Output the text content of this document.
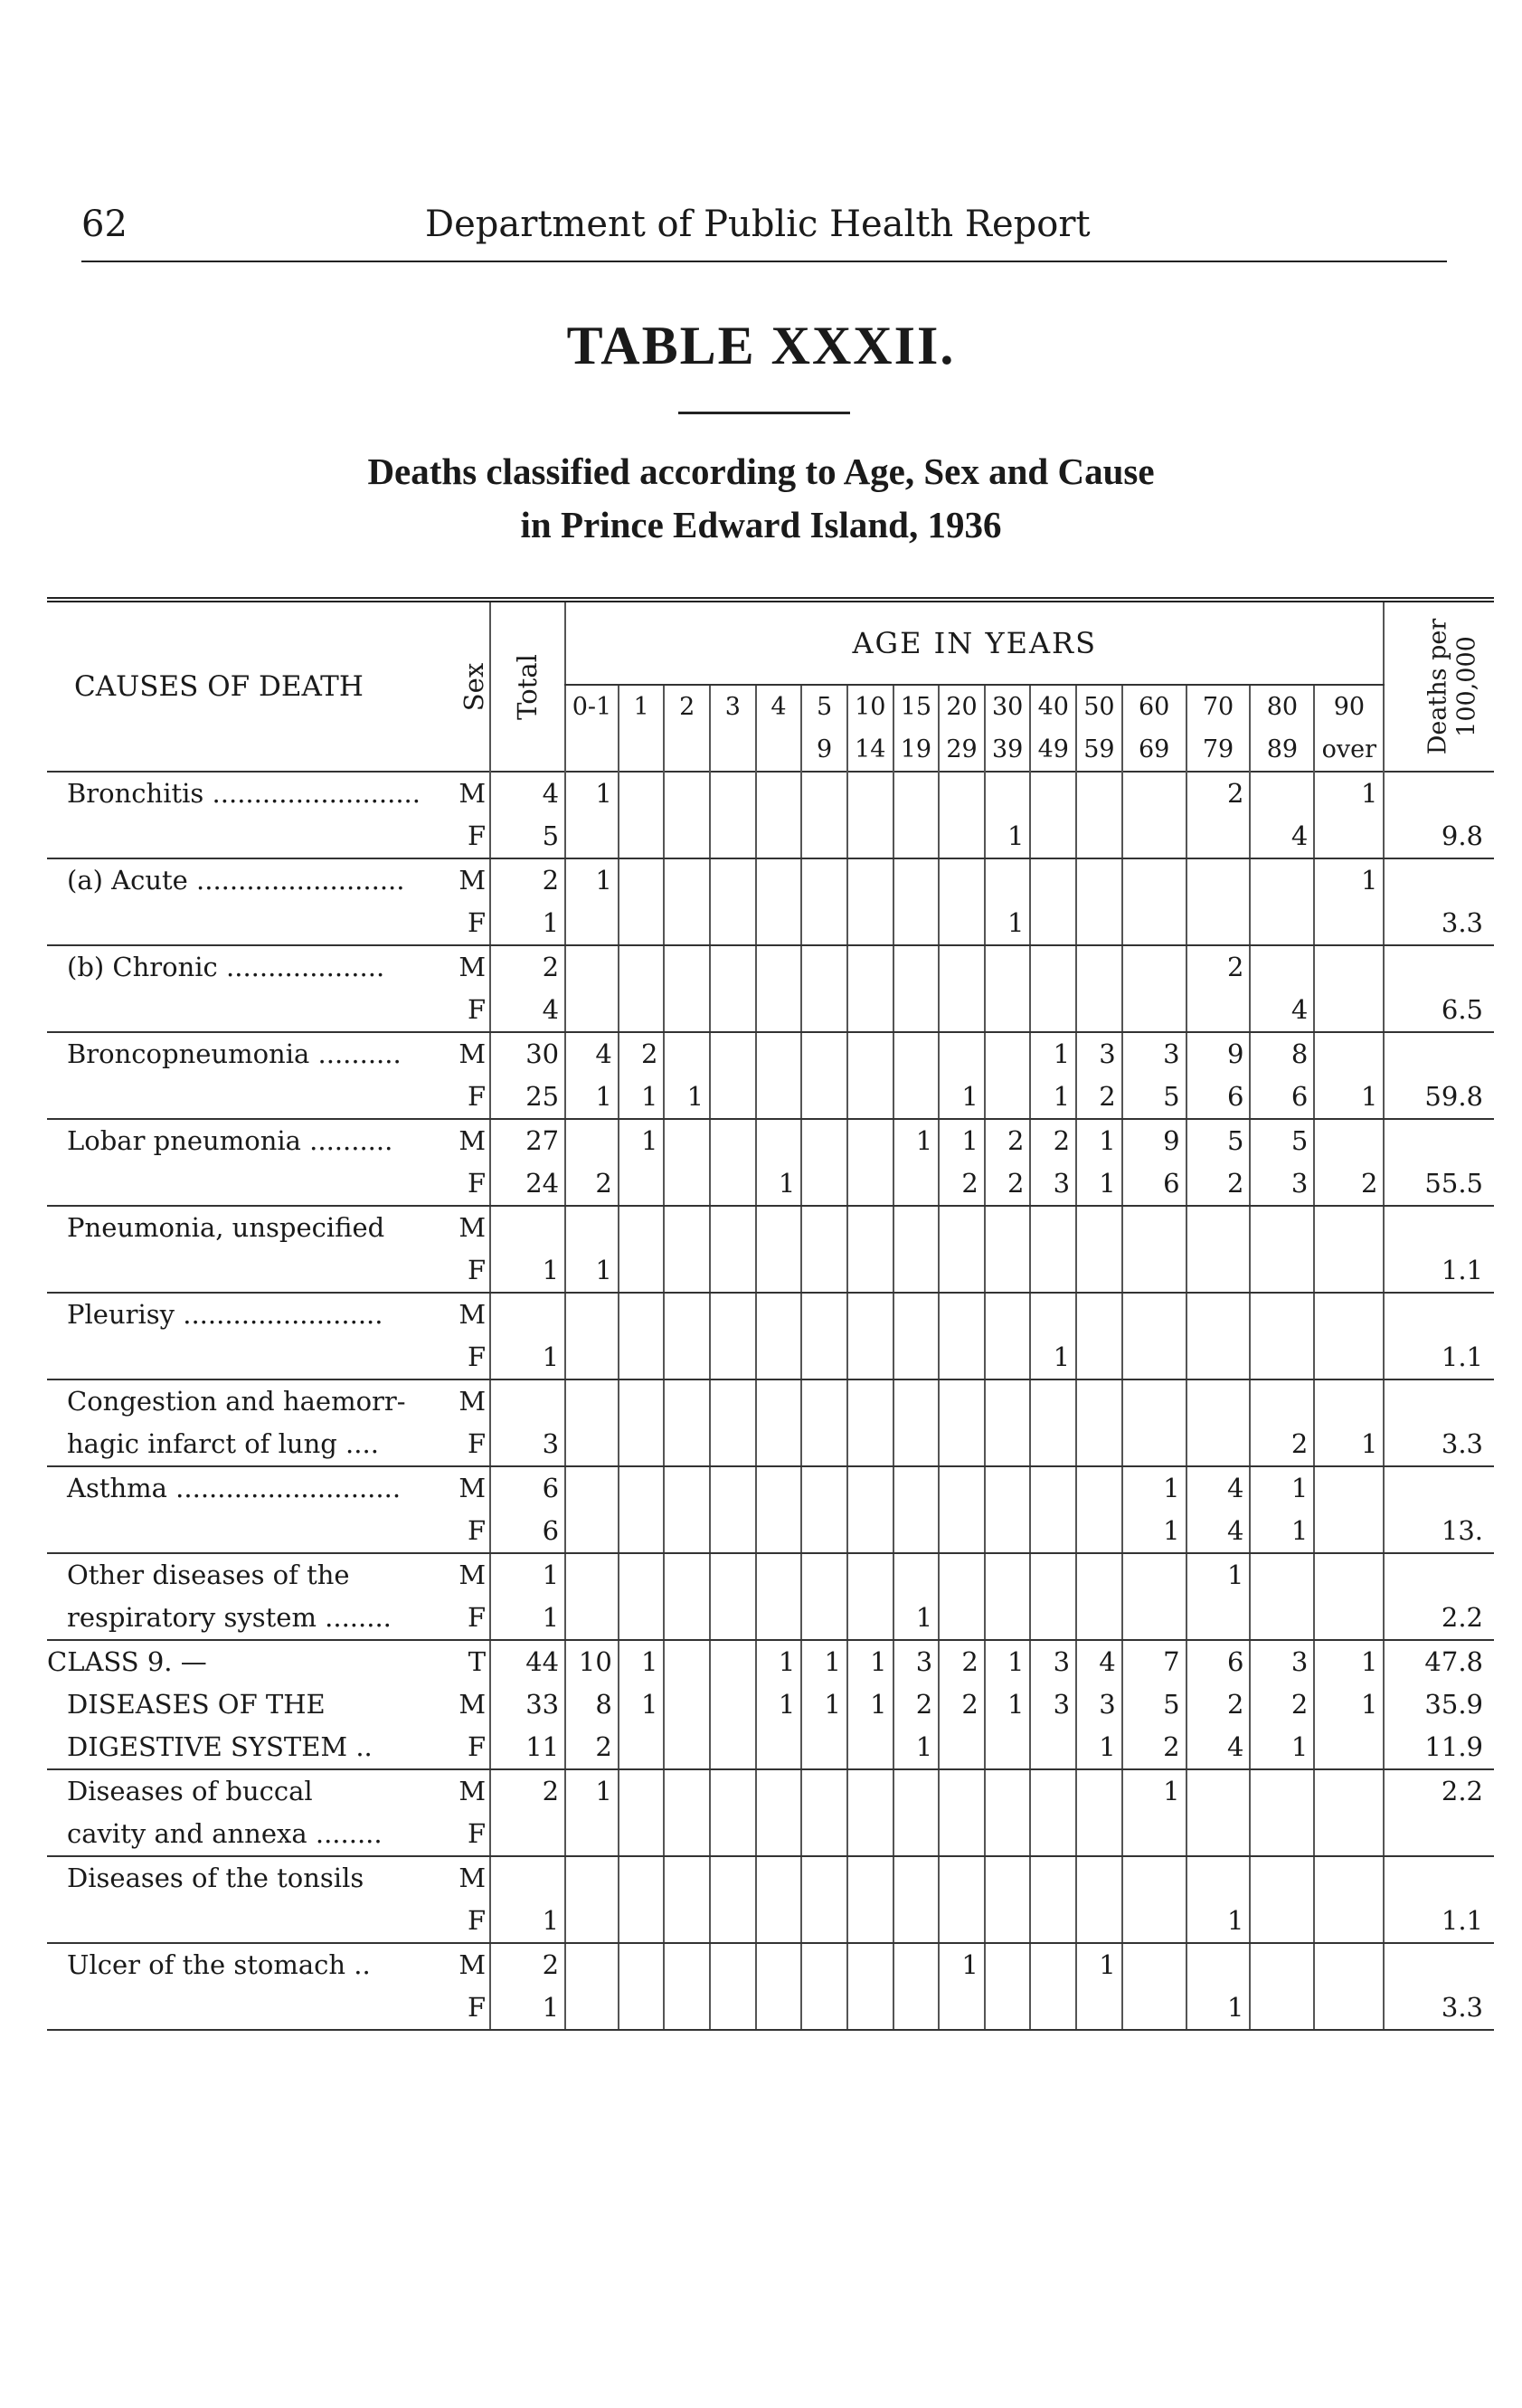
62	Department of Public Health Report
TABLE XXXII.
Deaths classified according to Age, Sex and Cause
in Prince Edward Island, 1936
CAUSES OF DEATH	Sex	Total	AGE IN YEARS																Deaths per
100,000
			0-1	1	2	3	4	5	10	15	20	30	40	50	60	70	80	90	
								9	14	19	29	39	49	59	69	79	89	over	
Bronchitis .........................	M	4	1													2		1	
	F	5										1					4		9.8
(a) Acute .........................	M	2	1															1	
	F	1										1							3.3
(b) Chronic ...................	M	2														2			
	F	4															4		6.5
Broncopneumonia ..........	M	30	4	2									1	3	3	9	8		
	F	25	1	1	1						1		1	2	5	6	6	1	59.8
Lobar pneumonia ..........	M	27		1						1	1	2	2	1	9	5	5		
	F	24	2				1				2	2	3	1	6	2	3	2	55.5
Pneumonia, unspecified	M																		
	F	1	1																1.1
Pleurisy ........................	M																		
	F	1											1						1.1
Congestion and haemorr-	M																		
hagic infarct of lung ....	F	3															2	1	3.3
Asthma ...........................	M	6													1	4	1		
	F	6													1	4	1		13.
Other diseases of the	M	1														1			
respiratory system ........	F	1								1									2.2
CLASS 9. —	T	44	10	1			1	1	1	3	2	1	3	4	7	6	3	1	47.8
DISEASES OF THE	M	33	8	1			1	1	1	2	2	1	3	3	5	2	2	1	35.9
DIGESTIVE SYSTEM ..	F	11	2							1				1	2	4	1		11.9
Diseases of buccal	M	2	1												1				2.2
cavity and annexa ........	F																		
Diseases of the tonsils	M																		
	F	1														1			1.1
Ulcer of the stomach ..	M	2									1			1					
	F	1														1			3.3
